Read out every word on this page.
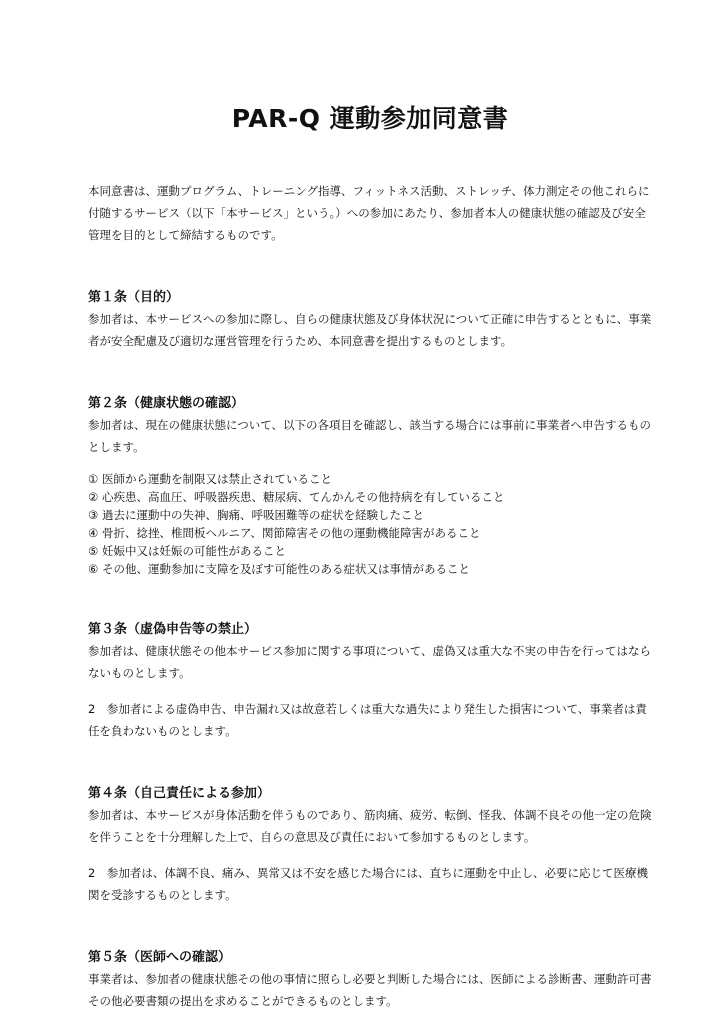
PAR-Q 運動参加同意書

本同意書は、運動プログラム、トレーニング指導、フィットネス活動、ストレッチ、体力測定その他これらに付随するサービス（以下「本サービス」という。）への参加にあたり、参加者本人の健康状態の確認及び安全管理を目的として締結するものです。

第１条（目的）

参加者は、本サービスへの参加に際し、自らの健康状態及び身体状況について正確に申告するとともに、事業者が安全配慮及び適切な運営管理を行うため、本同意書を提出するものとします。

第２条（健康状態の確認）

参加者は、現在の健康状態について、以下の各項目を確認し、該当する場合には事前に事業者へ申告するものとします。

① 医師から運動を制限又は禁止されていること
② 心疾患、高血圧、呼吸器疾患、糖尿病、てんかんその他持病を有していること
③ 過去に運動中の失神、胸痛、呼吸困難等の症状を経験したこと
④ 骨折、捻挫、椎間板ヘルニア、関節障害その他の運動機能障害があること
⑤ 妊娠中又は妊娠の可能性があること
⑥ その他、運動参加に支障を及ぼす可能性のある症状又は事情があること
第３条（虚偽申告等の禁止）

参加者は、健康状態その他本サービス参加に関する事項について、虚偽又は重大な不実の申告を行ってはならないものとします。

2　参加者による虚偽申告、申告漏れ又は故意若しくは重大な過失により発生した損害について、事業者は責任を負わないものとします。

第４条（自己責任による参加）

参加者は、本サービスが身体活動を伴うものであり、筋肉痛、疲労、転倒、怪我、体調不良その他一定の危険を伴うことを十分理解した上で、自らの意思及び責任において参加するものとします。

2　参加者は、体調不良、痛み、異常又は不安を感じた場合には、直ちに運動を中止し、必要に応じて医療機関を受診するものとします。

第５条（医師への確認）

事業者は、参加者の健康状態その他の事情に照らし必要と判断した場合には、医師による診断書、運動許可書その他必要書類の提出を求めることができるものとします。
